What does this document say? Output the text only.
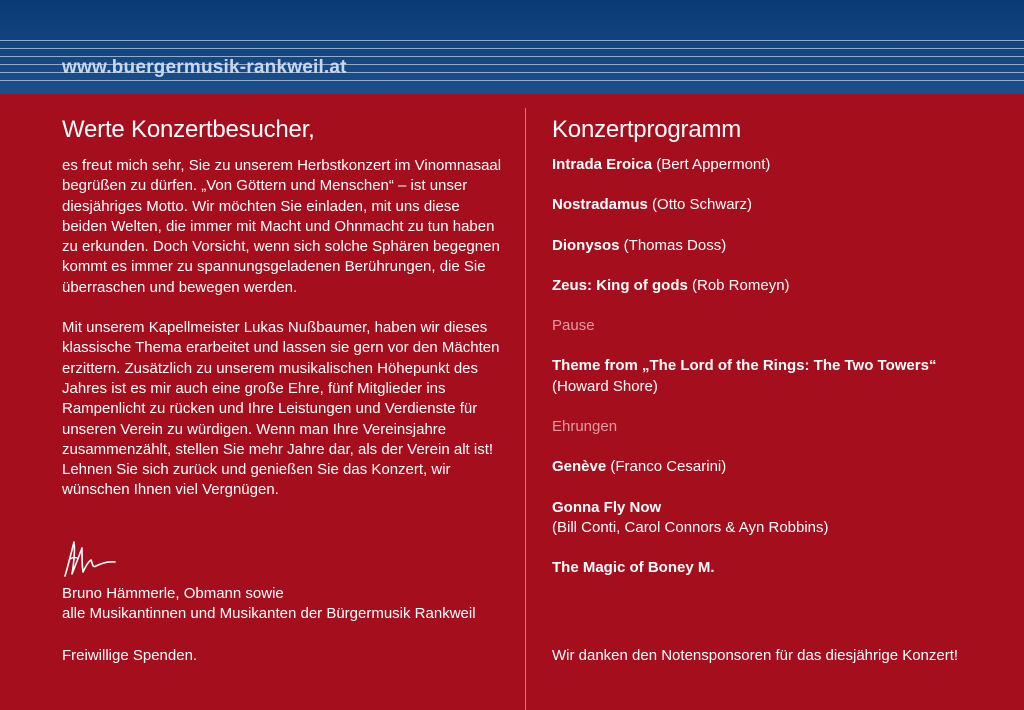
www.buergermusik-rankweil.at
Werte Konzertbesucher,

es freut mich sehr, Sie zu unserem Herbstkonzert im Vinomnasaal begrüßen zu dürfen. „Von Göttern und Menschen“ – ist unser diesjähriges Motto. Wir möchten Sie einladen, mit uns diese beiden Welten, die immer mit Macht und Ohnmacht zu tun haben zu erkunden. Doch Vorsicht, wenn sich solche Sphären begegnen kommt es immer zu spannungsgeladenen Berührungen, die Sie überraschen und bewegen werden.

Mit unserem Kapellmeister Lukas Nußbaumer, haben wir dieses klassische Thema erarbeitet und lassen sie gern vor den Mächten erzittern. Zusätzlich zu unserem musikalischen Höhepunkt des Jahres ist es mir auch eine große Ehre, fünf Mitglieder ins Rampenlicht zu rücken und Ihre Leistungen und Verdienste für unseren Verein zu würdigen. Wenn man Ihre Vereinsjahre zusammenzählt, stellen Sie mehr Jahre dar, als der Verein alt ist! Lehnen Sie sich zurück und genießen Sie das Konzert, wir wünschen Ihnen viel Vergnügen.

Bruno Hämmerle, Obmann sowie
alle Musikantinnen und Musikanten der Bürgermusik Rankweil
Freiwillige Spenden.
Konzertprogramm
Intrada Eroica (Bert Appermont)
Nostradamus (Otto Schwarz)
Dionysos (Thomas Doss)
Zeus: King of gods (Rob Romeyn)
Pause
Theme from „The Lord of the Rings: The Two Towers“
(Howard Shore)
Ehrungen
Genève (Franco Cesarini)
Gonna Fly Now
(Bill Conti, Carol Connors & Ayn Robbins)
The Magic of Boney M.
Wir danken den Notensponsoren für das diesjährige Konzert!
